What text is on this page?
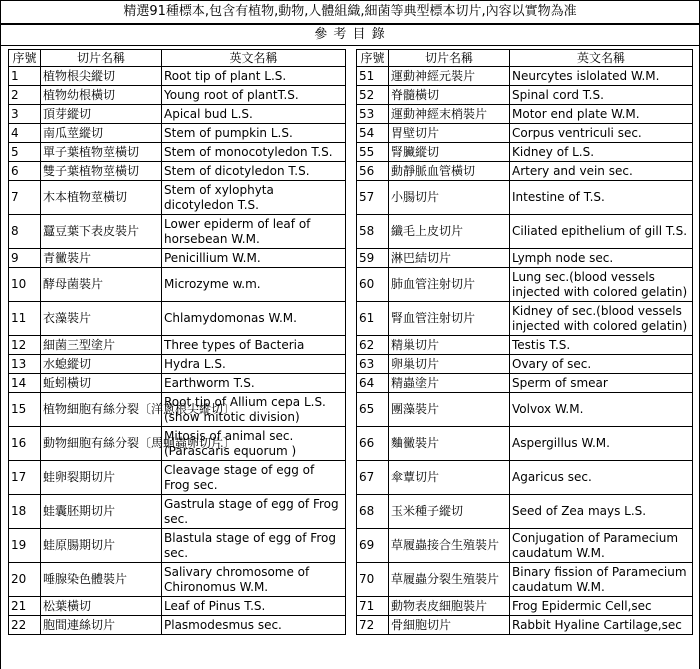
精選91種標本,包含有植物,動物,人體組織,細菌等典型標本切片,內容以實物為准
參 考 目 錄
序號	切片名稱	英文名稱
1	植物根尖縱切	Root tip of plant L.S.
2	植物幼根橫切	Young root of plantT.S.
3	頂芽縱切	Apical bud L.S.
4	南瓜莖縱切	Stem of pumpkin L.S.
5	單子葉植物莖橫切	Stem of monocotyledon T.S.
6	雙子葉植物莖橫切	Stem of dicotyledon T.S.
7	木本植物莖橫切	Stem of xylophyta dicotyledon T.S.
8	蠶豆葉下表皮裝片	Lower epiderm of leaf of horsebean W.M.
9	青黴裝片	Penicillium W.M.
10	酵母菌裝片	Microzyme w.m.
11	衣藻裝片	Chlamydomonas W.M.
12	細菌三型塗片	Three types of Bacteria
13	水螅縱切	Hydra L.S.
14	蚯蚓橫切	Earthworm T.S.
15	植物細胞有絲分裂〔洋蔥根尖縱切〕	Root tip of Allium cepa L.S. (show mitotic division)
16	動物細胞有絲分裂〔馬蛔蟲卵切片〕	Mitosis of animal sec. (Parascaris equorum )
17	蛙卵裂期切片	Cleavage stage of egg of Frog sec.
18	蛙囊胚期切片	Gastrula stage of egg of Frog sec.
19	蛙原腸期切片	Blastula stage of egg of Frog sec.
20	唾腺染色體裝片	Salivary chromosome of Chironomus W.M.
21	松葉橫切	Leaf of Pinus T.S.
22	胞間連絲切片	Plasmodesmus sec.
序號	切片名稱	英文名稱
51	運動神經元裝片	Neurcytes islolated W.M.
52	脊髓橫切	Spinal cord T.S.
53	運動神經末梢裝片	Motor end plate W.M.
54	胃壁切片	Corpus ventriculi sec.
55	腎臟縱切	Kidney of L.S.
56	動靜脈血管橫切	Artery and vein sec.
57	小腸切片	Intestine of T.S.
58	纖毛上皮切片	Ciliated epithelium of gill T.S.
59	淋巴結切片	Lymph node sec.
60	肺血管注射切片	Lung sec.(blood vessels injected with colored gelatin)
61	腎血管注射切片	Kidney of sec.(blood vessels injected with colored gelatin)
62	精巢切片	Testis T.S.
63	卵巢切片	Ovary of sec.
64	精蟲塗片	Sperm of smear
65	團藻裝片	Volvox W.M.
66	麯黴裝片	Aspergillus W.M.
67	傘蕈切片	Agaricus sec.
68	玉米種子縱切	Seed of Zea mays L.S.
69	草履蟲接合生殖裝片	Conjugation of Paramecium caudatum W.M.
70	草履蟲分裂生殖裝片	Binary fission of Paramecium caudatum W.M.
71	動物表皮細胞裝片	Frog Epidermic Cell,sec
72	骨細胞切片	Rabbit Hyaline Cartilage,sec
